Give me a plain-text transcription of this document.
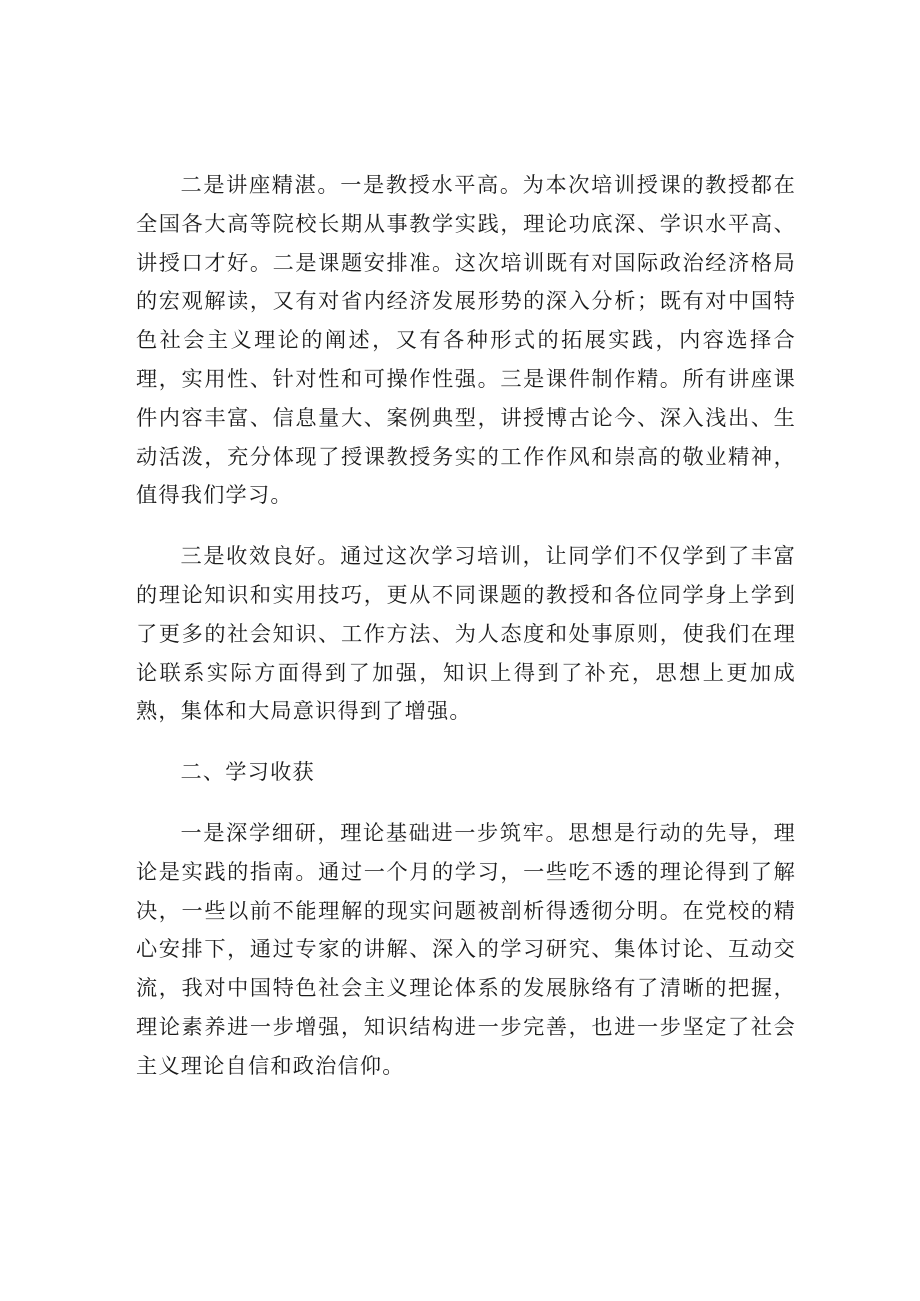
二是讲座精湛。一是教授水平高。为本次培训授课的教授都在全国各大高等院校长期从事教学实践，理论功底深、学识水平高、讲授口才好。二是课题安排准。这次培训既有对国际政治经济格局的宏观解读，又有对省内经济发展形势的深入分析；既有对中国特色社会主义理论的阐述，又有各种形式的拓展实践，内容选择合理，实用性、针对性和可操作性强。三是课件制作精。所有讲座课件内容丰富、信息量大、案例典型，讲授博古论今、深入浅出、生动活泼，充分体现了授课教授务实的工作作风和崇高的敬业精神，值得我们学习。

三是收效良好。通过这次学习培训，让同学们不仅学到了丰富的理论知识和实用技巧，更从不同课题的教授和各位同学身上学到了更多的社会知识、工作方法、为人态度和处事原则，使我们在理论联系实际方面得到了加强，知识上得到了补充，思想上更加成熟，集体和大局意识得到了增强。

二、学习收获

一是深学细研，理论基础进一步筑牢。思想是行动的先导，理论是实践的指南。通过一个月的学习，一些吃不透的理论得到了解决，一些以前不能理解的现实问题被剖析得透彻分明。在党校的精心安排下，通过专家的讲解、深入的学习研究、集体讨论、互动交流，我对中国特色社会主义理论体系的发展脉络有了清晰的把握，理论素养进一步增强，知识结构进一步完善，也进一步坚定了社会主义理论自信和政治信仰。
